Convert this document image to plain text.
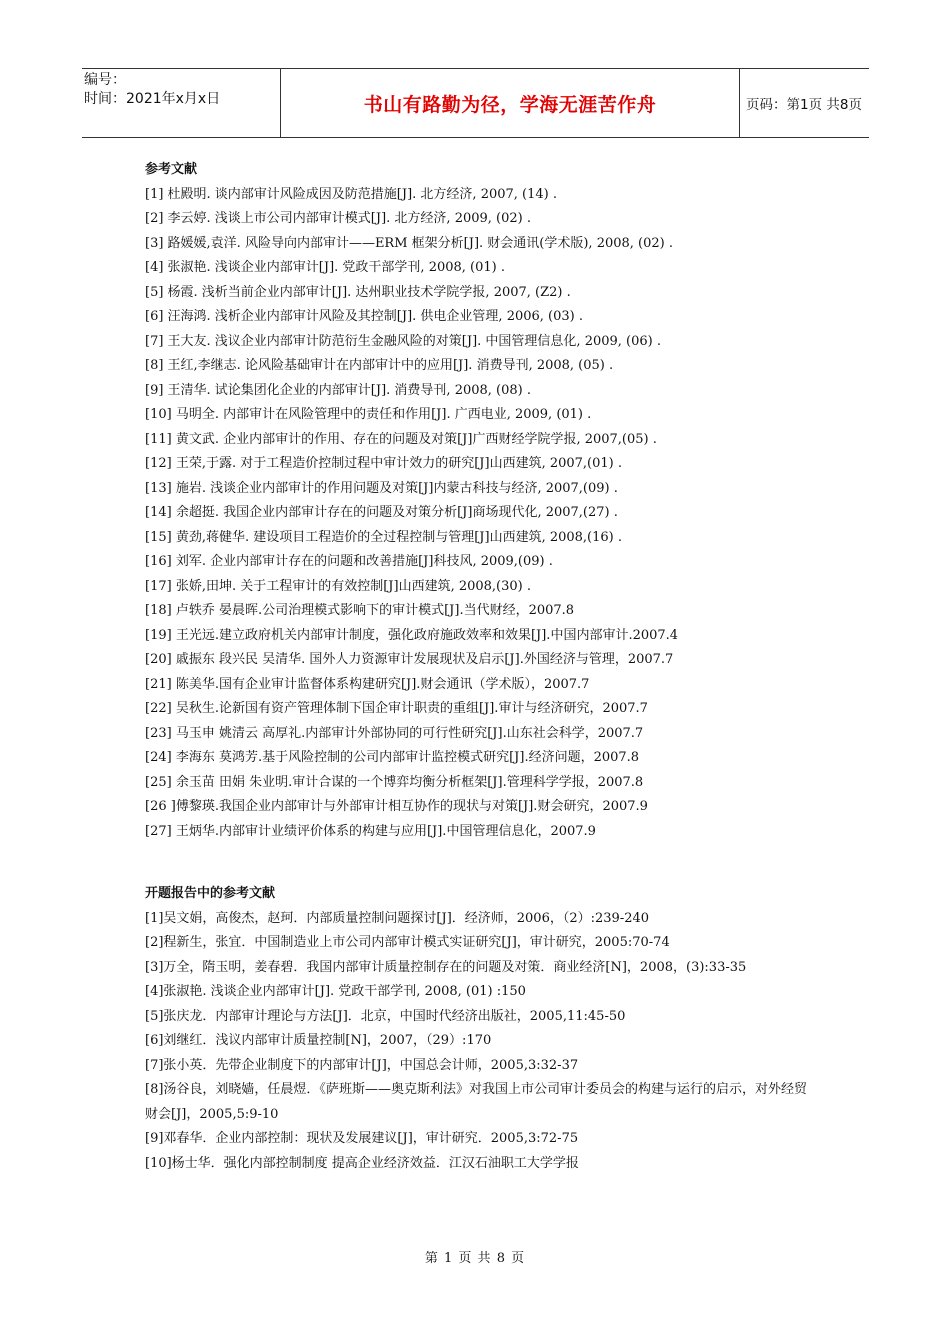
编号：
时间：2021年x月x日	书山有路勤为径，学海无涯苦作舟	页码：第1页 共8页
参考文献
[1] 杜殿明. 谈内部审计风险成因及防范措施[J]. 北方经济, 2007, (14) .
[2] 李云婷. 浅谈上市公司内部审计模式[J]. 北方经济, 2009, (02) .
[3] 路媛媛,袁洋. 风险导向内部审计——ERM 框架分析[J]. 财会通讯(学术版), 2008, (02) .
[4] 张淑艳. 浅谈企业内部审计[J]. 党政干部学刊, 2008, (01) .
[5] 杨霞. 浅析当前企业内部审计[J]. 达州职业技术学院学报, 2007, (Z2) .
[6] 汪海鸿. 浅析企业内部审计风险及其控制[J]. 供电企业管理, 2006, (03) .
[7] 王大友. 浅议企业内部审计防范衍生金融风险的对策[J]. 中国管理信息化, 2009, (06) .
[8] 王红,李继志. 论风险基础审计在内部审计中的应用[J]. 消费导刊, 2008, (05) .
[9] 王清华. 试论集团化企业的内部审计[J]. 消费导刊, 2008, (08) .
[10] 马明全. 内部审计在风险管理中的责任和作用[J]. 广西电业, 2009, (01) .
[11] 黄文武. 企业内部审计的作用、存在的问题及对策[J]广西财经学院学报, 2007,(05) .
[12] 王荣,于露. 对于工程造价控制过程中审计效力的研究[J]山西建筑, 2007,(01) .
[13] 施岩. 浅谈企业内部审计的作用问题及对策[J]内蒙古科技与经济, 2007,(09) .
[14] 余超挺. 我国企业内部审计存在的问题及对策分析[J]商场现代化, 2007,(27) .
[15] 黄劲,蒋健华. 建设项目工程造价的全过程控制与管理[J]山西建筑, 2008,(16) .
[16] 刘军. 企业内部审计存在的问题和改善措施[J]科技风, 2009,(09) .
[17] 张娇,田坤. 关于工程审计的有效控制[J]山西建筑, 2008,(30) .
[18] 卢轶乔 晏晨晖.公司治理模式影响下的审计模式[J].当代财经，2007.8
[19] 王光远.建立政府机关内部审计制度，强化政府施政效率和效果[J].中国内部审计.2007.4
[20] 戚振东 段兴民 吴清华. 国外人力资源审计发展现状及启示[J].外国经济与管理，2007.7
[21] 陈美华.国有企业审计监督体系构建研究[J].财会通讯（学术版），2007.7
[22] 吴秋生.论新国有资产管理体制下国企审计职责的重组[J].审计与经济研究，2007.7
[23] 马玉申 姚清云 高厚礼.内部审计外部协同的可行性研究[J].山东社会科学，2007.7
[24] 李海东 莫鸿芳.基于风险控制的公司内部审计监控模式研究[J].经济问题，2007.8
[25] 余玉苗 田娟 朱业明.审计合谋的一个博弈均衡分析框架[J].管理科学学报，2007.8
[26 ]傅黎瑛.我国企业内部审计与外部审计相互协作的现状与对策[J].财会研究，2007.9
[27] 王炳华.内部审计业绩评价体系的构建与应用[J].中国管理信息化，2007.9
开题报告中的参考文献
[1]吴文娟，高俊杰，赵珂．内部质量控制问题探讨[J]．经济师，2006，（2）:239-240
[2]程新生，张宜．中国制造业上市公司内部审计模式实证研究[J]，审计研究，2005:70-74
[3]万全，隋玉明，姜春碧．我国内部审计质量控制存在的问题及对策．商业经济[N]，2008，(3):33-35
[4]张淑艳. 浅谈企业内部审计[J]. 党政干部学刊, 2008, (01) :150
[5]张庆龙．内部审计理论与方法[J]．北京，中国时代经济出版社，2005,11:45-50
[6]刘继红．浅议内部审计质量控制[N]，2007，（29）:170
[7]张小英．先带企业制度下的内部审计[J]，中国总会计师，2005,3:32-37
[8]汤谷良，刘晓嫱，任晨煜．《萨班斯——奥克斯利法》对我国上市公司审计委员会的构建与运行的启示，对外经贸财会[J]，2005,5:9-10
[9]邓春华．企业内部控制：现状及发展建议[J]，审计研究．2005,3:72-75
[10]杨士华．强化内部控制制度 提高企业经济效益．江汉石油职工大学学报
第 1 页 共 8 页
